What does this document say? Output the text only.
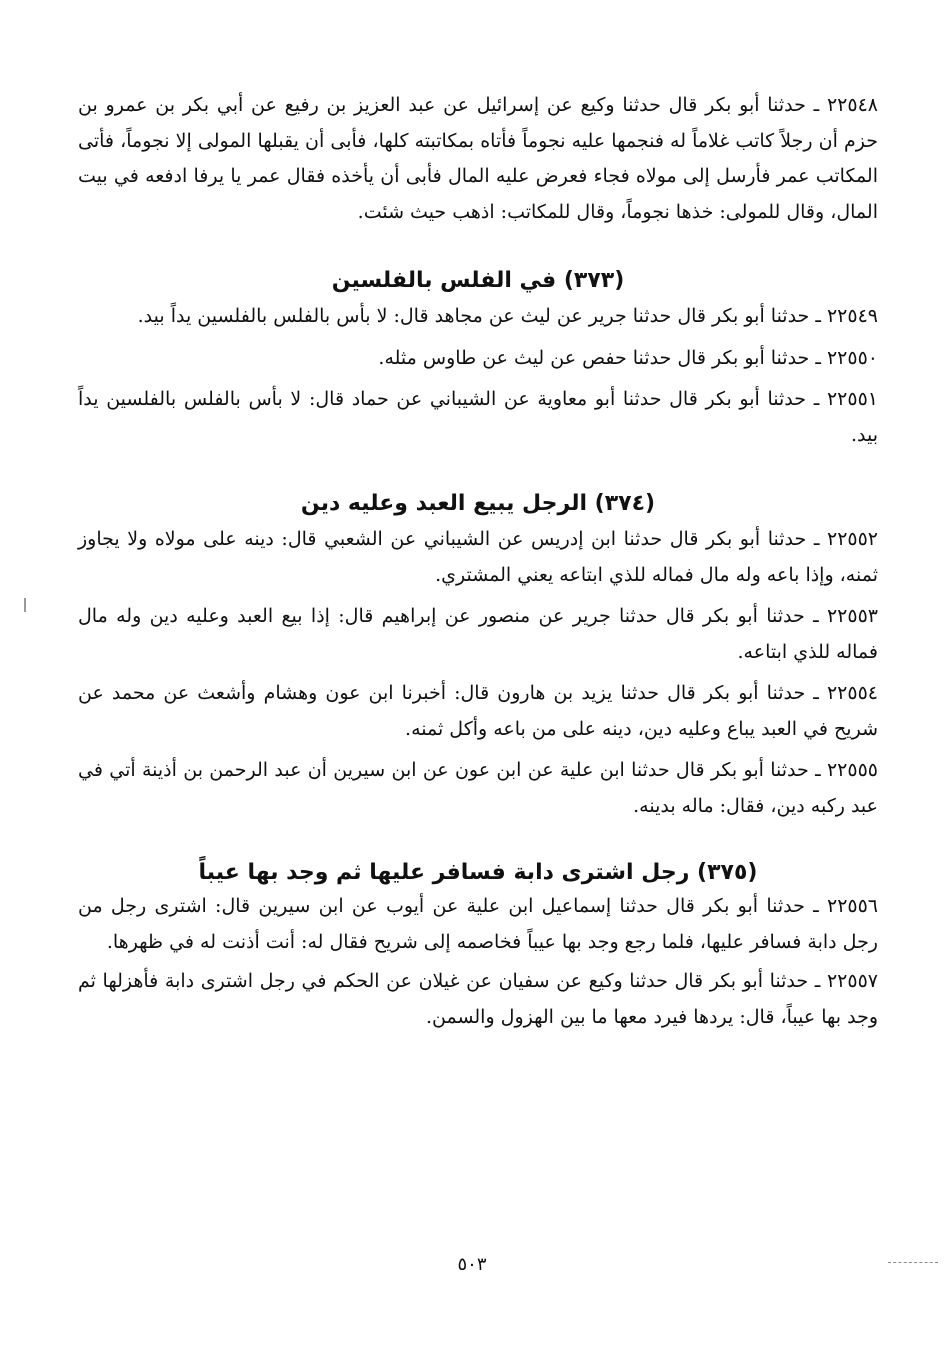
٢٢٥٤٨ ـ حدثنا أبو بكر قال حدثنا وكيع عن إسرائيل عن عبد العزيز بن رفيع عن أبي بكر بن عمرو بن حزم أن رجلاً كاتب غلاماً له فنجمها عليه نجوماً فأتاه بمكاتبته كلها، فأبى أن يقبلها المولى إلا نجوماً، فأتى المكاتب عمر فأرسل إلى مولاه فجاء فعرض عليه المال فأبى أن يأخذه فقال عمر يا يرفا ادفعه في بيت المال، وقال للمولى: خذها نجوماً، وقال للمكاتب: اذهب حيث شئت.

(٣٧٣) في الفلس بالفلسين

٢٢٥٤٩ ـ حدثنا أبو بكر قال حدثنا جرير عن ليث عن مجاهد قال: لا بأس بالفلس بالفلسين يداً بيد.

٢٢٥٥٠ ـ حدثنا أبو بكر قال حدثنا حفص عن ليث عن طاوس مثله.

٢٢٥٥١ ـ حدثنا أبو بكر قال حدثنا أبو معاوية عن الشيباني عن حماد قال: لا بأس بالفلس بالفلسين يداً بيد.

(٣٧٤) الرجل يبيع العبد وعليه دين

٢٢٥٥٢ ـ حدثنا أبو بكر قال حدثنا ابن إدريس عن الشيباني عن الشعبي قال: دينه على مولاه ولا يجاوز ثمنه، وإذا باعه وله مال فماله للذي ابتاعه يعني المشتري.

٢٢٥٥٣ ـ حدثنا أبو بكر قال حدثنا جرير عن منصور عن إبراهيم قال: إذا بيع العبد وعليه دين وله مال فماله للذي ابتاعه.

٢٢٥٥٤ ـ حدثنا أبو بكر قال حدثنا يزيد بن هارون قال: أخبرنا ابن عون وهشام وأشعث عن محمد عن شريح في العبد يباع وعليه دين، دينه على من باعه وأكل ثمنه.

٢٢٥٥٥ ـ حدثنا أبو بكر قال حدثنا ابن علية عن ابن عون عن ابن سيرين أن عبد الرحمن بن أذينة أتي في عبد ركبه دين، فقال: ماله بدينه.

(٣٧٥) رجل اشترى دابة فسافر عليها ثم وجد بها عيباً

٢٢٥٥٦ ـ حدثنا أبو بكر قال حدثنا إسماعيل ابن علية عن أيوب عن ابن سيرين قال: اشترى رجل من رجل دابة فسافر عليها، فلما رجع وجد بها عيباً فخاصمه إلى شريح فقال له: أنت أذنت له في ظهرها.

٢٢٥٥٧ ـ حدثنا أبو بكر قال حدثنا وكيع عن سفيان عن غيلان عن الحكم في رجل اشترى دابة فأهزلها ثم وجد بها عيباً، قال: يردها فيرد معها ما بين الهزول والسمن.

٥٠٣
